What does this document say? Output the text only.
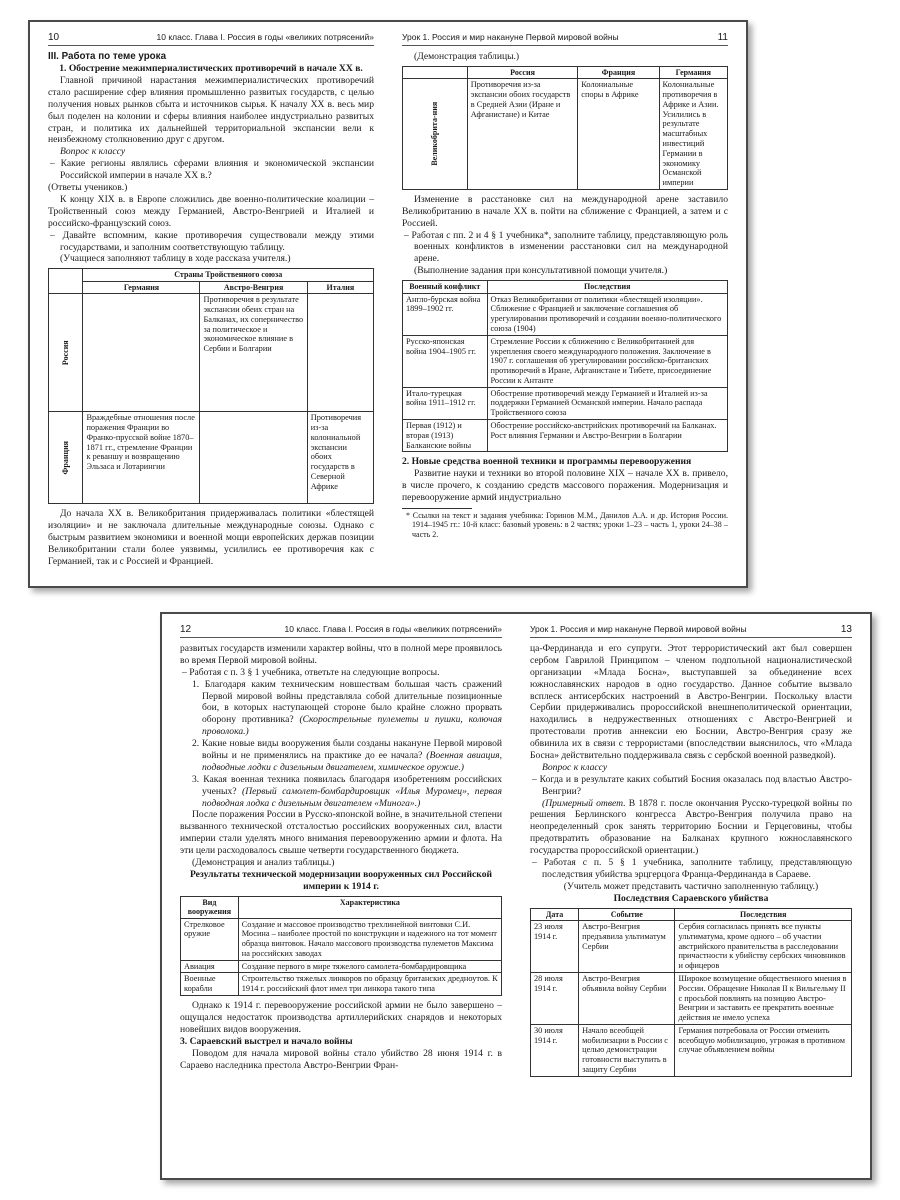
10	10 класс. Глава I. Россия в годы «великих потрясений»

III. Работа по теме урока

1. Обострение межимпериалистических противоречий в начале XX в.

Главной причиной нарастания межимпериалистических противоречий стало расширение сфер влияния промышленно развитых государств, с целью получения новых рынков сбыта и источников сырья. К началу XX в. весь мир был поделен на колонии и сферы влияния наиболее индустриально развитых стран, и политика их дальнейшей территориальной экспансии вели к неизбежному столкновению друг с другом.

Вопрос к классу

– Какие регионы являлись сферами влияния и экономической экспансии Российской империи в начале XX в.?

(Ответы учеников.)

К концу XIX в. в Европе сложились две военно-политические коалиции – Тройственный союз между Германией, Австро-Венгрией и Италией и российско-французский союз.

– Давайте вспомним, какие противоречия существовали между этими государствами, и заполним соответствующую таблицу.

(Учащиеся заполняют таблицу в ходе рассказа учителя.)

	Страны Тройственного союза		
	Германия	Австро-Венгрия	Италия

Россия		Противоречия в результате экспансии обеих стран на Балканах, их соперничество за политическое и экономическое влияние в Сербии и Болгарии	

Франция	Враждебные отношения после поражения Франции во Франко-прусской войне 1870–1871 гг., стремление Франции к реваншу и возвращению Эльзаса и Лотарингии		Противоречия из-за колониальной экспансии обоих государств в Северной Африке

До начала XX в. Великобритания придерживалась политики «блестящей изоляции» и не заключала длительные международные союзы. Однако с быстрым развитием экономики и военной мощи европейских держав позиции Великобритании стали более уязвимы, усилились ее противоречия как с Германией, так и с Россией и Францией.

Урок 1. Россия и мир накануне Первой мировой войны	11

(Демонстрация таблицы.)

	Россия	Франция	Германия

Великобрита-ния	Противоречия из-за экспансии обоих государств в Средней Азии (Иране и Афганистане) и Китае	Колониальные споры в Африке	Колониальные противоречия в Африке и Азии. Усилились в результате масштабных инвестиций Германии в экономику Османской империи

Изменение в расстановке сил на международной арене заставило Великобританию в начале XX в. пойти на сближение с Францией, а затем и с Россией.

– Работая с пп. 2 и 4 § 1 учебника*, заполните таблицу, представляющую роль военных конфликтов в изменении расстановки сил на международной арене.

(Выполнение задания при консультативной помощи учителя.)

Военный конфликт	Последствия
Англо-бурская война 1899–1902 гг.	Отказ Великобритании от политики «блестящей изоляции». Сближение с Францией и заключение соглашения об урегулировании противоречий и создании военно-политического союза (1904)
Русско-японская война 1904–1905 гг.	Стремление России к сближению с Великобританией для укрепления своего международного положения. Заключение в 1907 г. соглашения об урегулировании российско-британских противоречий в Иране, Афганистане и Тибете, присоединение России к Антанте
Итало-турецкая война 1911–1912 гг.	Обострение противоречий между Германией и Италией из-за поддержки Германией Османской империи. Начало распада Тройственного союза
Первая (1912) и вторая (1913) Балканские войны	Обострение российско-австрийских противоречий на Балканах. Рост влияния Германии и Австро-Венгрии в Болгарии

2. Новые средства военной техники и программы перевооружения

Развитие науки и техники во второй половине XIX – начале XX в. привело, в числе прочего, к созданию средств массового поражения. Модернизация и перевооружение армий индустриально

* Ссылки на текст и задания учебника: Горинов М.М., Данилов А.А. и др. История России. 1914–1945 гг.: 10-й класс: базовый уровень: в 2 частях; уроки 1–23 – часть 1, уроки 24–38 – часть 2.

12	10 класс. Глава I. Россия в годы «великих потрясений»

развитых государств изменили характер войны, что в полной мере проявилось во время Первой мировой войны.

– Работая с п. 3 § 1 учебника, ответьте на следующие вопросы.

1. Благодаря каким техническим новшествам большая часть сражений Первой мировой войны представляла собой длительные позиционные бои, в которых наступающей стороне было крайне сложно прорвать оборону противника? (Скорострельные пулеметы и пушки, колючая проволока.)

2. Какие новые виды вооружения были созданы накануне Первой мировой войны и не применялись на практике до ее начала? (Военная авиация, подводные лодки с дизельным двигателем, химическое оружие.)

3. Какая военная техника появилась благодаря изобретениям российских ученых? (Первый самолет-бомбардировщик «Илья Муромец», первая подводная лодка с дизельным двигателем «Минога».)

После поражения России в Русско-японской войне, в значительной степени вызванного технической отсталостью российских вооруженных сил, власти империи стали уделять много внимания перевооружению армии и флота. На эти цели расходовалось свыше четверти государственного бюджета.

(Демонстрация и анализ таблицы.)

Результаты технической модернизации вооруженных сил Российской империи к 1914 г.

Вид вооружения	Характеристика
Стрелковое оружие	Создание и массовое производство трехлинейной винтовки С.И. Мосина – наиболее простой по конструкции и надежного на тот момент образца винтовок. Начало массового производства пулеметов Максима на российских заводах
Авиация	Создание первого в мире тяжелого самолета-бомбардировщика
Военные корабли	Строительство тяжелых линкоров по образцу британских дредноутов. К 1914 г. российский флот имел три линкора такого типа

Однако к 1914 г. перевооружение российской армии не было завершено – ощущался недостаток производства артиллерийских снарядов и некоторых новейших видов вооружения.

3. Сараевский выстрел и начало войны

Поводом для начала мировой войны стало убийство 28 июня 1914 г. в Сараево наследника престола Австро-Венгрии Фран-

Урок 1. Россия и мир накануне Первой мировой войны	13

ца-Фердинанда и его супруги. Этот террористический акт был совершен сербом Гаврилой Принципом – членом подпольной националистической организации «Млада Босна», выступавшей за объединение всех южнославянских народов в одно государство. Данное событие вызвало всплеск антисербских настроений в Австро-Венгрии. Поскольку власти Сербии придерживались пророссийской внешнеполитической ориентации, находились в недружественных отношениях с Австро-Венгрией и протестовали против аннексии ею Боснии, Австро-Венгрия сразу же обвинила их в связи с террористами (впоследствии выяснилось, что «Млада Босна» действительно поддерживала связь с сербской военной разведкой).

Вопрос к классу

– Когда и в результате каких событий Босния оказалась под властью Австро-Венгрии?

(Примерный ответ. В 1878 г. после окончания Русско-турецкой войны по решения Берлинского конгресса Австро-Венгрия получила право на неопределенный срок занять территорию Боснии и Герцеговины, чтобы предотвратить образование на Балканах крупного южнославянского государства пророссийской ориентации.)

– Работая с п. 5 § 1 учебника, заполните таблицу, представляющую последствия убийства эрцгерцога Франца-Фердинанда в Сараеве.

(Учитель может представить частично заполненную таблицу.)

Последствия Сараевского убийства

Дата	Событие	Последствия
23 июля 1914 г.	Австро-Венгрия предъявила ультиматум Сербии	Сербия согласилась принять все пункты ультиматума, кроме одного – об участии австрийского правительства в расследовании причастности к убийству сербских чиновников и офицеров
28 июля 1914 г.	Австро-Венгрия объявила войну Сербии	Широкое возмущение общественного мнения в России. Обращение Николая II к Вильгельму II с просьбой повлиять на позицию Австро-Венгрии и заставить ее прекратить военные действия не имело успеха
30 июля 1914 г.	Начало всеобщей мобилизации в России с целью демонстрации готовности выступить в защиту Сербии	Германия потребовала от России отменить всеобщую мобилизацию, угрожая в противном случае объявлением войны
